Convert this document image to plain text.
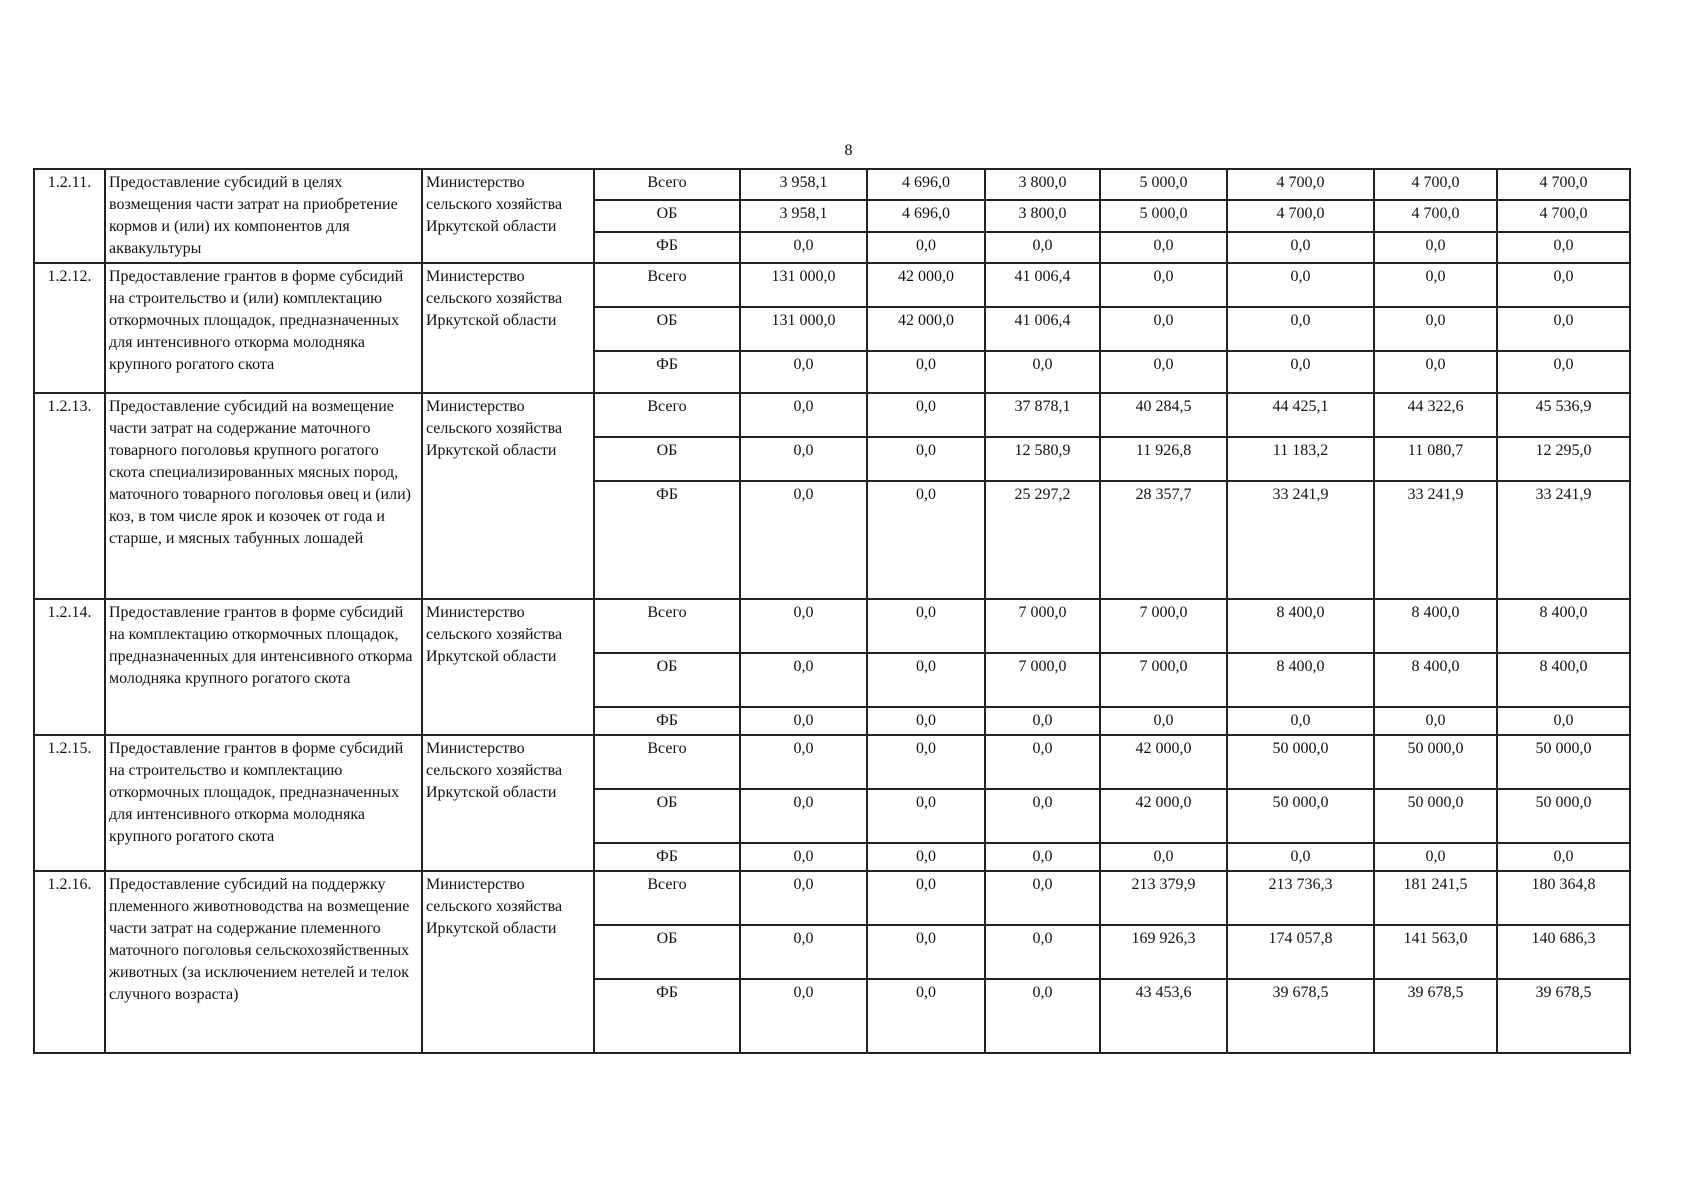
8
1.2.11.	Предоставление субсидий в целях возмещения части затрат на приобретение кормов и (или) их компонентов для аквакультуры	Министерство сельского хозяйства Иркутской области	Всего	3 958,1	4 696,0	3 800,0	5 000,0	4 700,0	4 700,0	4 700,0
			ОБ	3 958,1	4 696,0	3 800,0	5 000,0	4 700,0	4 700,0	4 700,0
			ФБ	0,0	0,0	0,0	0,0	0,0	0,0	0,0
1.2.12.	Предоставление грантов в форме субсидий на строительство и (или) комплектацию откормочных площадок, предназначенных для интенсивного откорма молодняка крупного рогатого скота	Министерство сельского хозяйства Иркутской области	Всего	131 000,0	42 000,0	41 006,4	0,0	0,0	0,0	0,0
			ОБ	131 000,0	42 000,0	41 006,4	0,0	0,0	0,0	0,0
			ФБ	0,0	0,0	0,0	0,0	0,0	0,0	0,0
1.2.13.	Предоставление субсидий на возмещение части затрат на содержание маточного товарного поголовья крупного рогатого скота специализированных мясных пород, маточного товарного поголовья овец и (или) коз, в том числе ярок и козочек от года и старше, и мясных табунных лошадей	Министерство сельского хозяйства Иркутской области	Всего	0,0	0,0	37 878,1	40 284,5	44 425,1	44 322,6	45 536,9
			ОБ	0,0	0,0	12 580,9	11 926,8	11 183,2	11 080,7	12 295,0
			ФБ	0,0	0,0	25 297,2	28 357,7	33 241,9	33 241,9	33 241,9
1.2.14.	Предоставление грантов в форме субсидий на комплектацию откормочных площадок, предназначенных для интенсивного откорма молодняка крупного рогатого скота	Министерство сельского хозяйства Иркутской области	Всего	0,0	0,0	7 000,0	7 000,0	8 400,0	8 400,0	8 400,0
			ОБ	0,0	0,0	7 000,0	7 000,0	8 400,0	8 400,0	8 400,0
			ФБ	0,0	0,0	0,0	0,0	0,0	0,0	0,0
1.2.15.	Предоставление грантов в форме субсидий на строительство и комплектацию откормочных площадок, предназначенных для интенсивного откорма молодняка крупного рогатого скота	Министерство сельского хозяйства Иркутской области	Всего	0,0	0,0	0,0	42 000,0	50 000,0	50 000,0	50 000,0
			ОБ	0,0	0,0	0,0	42 000,0	50 000,0	50 000,0	50 000,0
			ФБ	0,0	0,0	0,0	0,0	0,0	0,0	0,0
1.2.16.	Предоставление субсидий на поддержку племенного животноводства на возмещение части затрат на содержание племенного маточного поголовья сельскохозяйственных животных (за исключением нетелей и телок случного возраста)	Министерство сельского хозяйства Иркутской области	Всего	0,0	0,0	0,0	213 379,9	213 736,3	181 241,5	180 364,8
			ОБ	0,0	0,0	0,0	169 926,3	174 057,8	141 563,0	140 686,3
			ФБ	0,0	0,0	0,0	43 453,6	39 678,5	39 678,5	39 678,5
